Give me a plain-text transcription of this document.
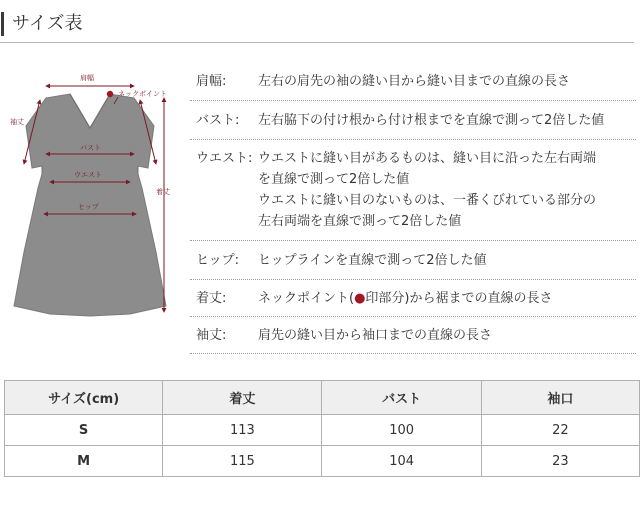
サイズ表
肩幅
ネックポイント
袖丈
着丈
バスト
ウエスト
ヒップ
肩幅: 左右の肩先の袖の縫い目から縫い目までの直線の長さ
バスト: 左右脇下の付け根から付け根までを直線で測って2倍した値
ウエスト: ウエストに縫い目があるものは、縫い目に沿った左右両端
を直線で測って2倍した値
ウエストに縫い目のないものは、一番くびれている部分の
左右両端を直線で測って2倍した値
ヒップ: ヒップラインを直線で測って2倍した値
着丈: ネックポイント(●印部分)から裾までの直線の長さ
袖丈: 肩先の縫い目から袖口までの直線の長さ
サイズ(cm)	着丈	バスト	袖口
S	113	100	22
M	115	104	23
